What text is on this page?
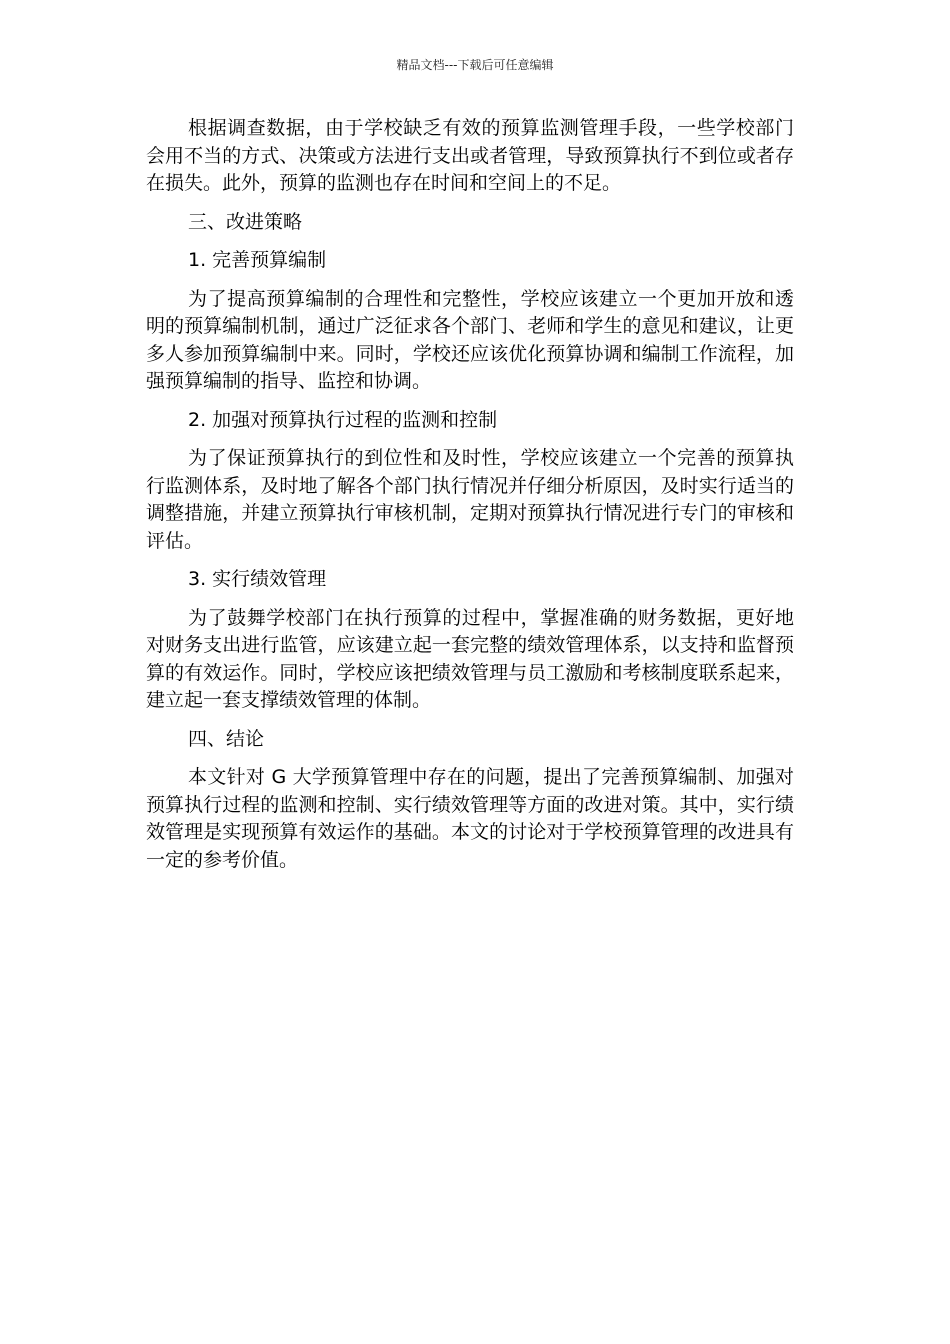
精品文档---下载后可任意编辑

根据调查数据，由于学校缺乏有效的预算监测管理手段，一些学校部门会用不当的方式、决策或方法进行支出或者管理，导致预算执行不到位或者存在损失。此外，预算的监测也存在时间和空间上的不足。

三、改进策略

1. 完善预算编制

为了提高预算编制的合理性和完整性，学校应该建立一个更加开放和透明的预算编制机制，通过广泛征求各个部门、老师和学生的意见和建议，让更多人参加预算编制中来。同时，学校还应该优化预算协调和编制工作流程，加强预算编制的指导、监控和协调。

2. 加强对预算执行过程的监测和控制

为了保证预算执行的到位性和及时性，学校应该建立一个完善的预算执行监测体系，及时地了解各个部门执行情况并仔细分析原因，及时实行适当的调整措施，并建立预算执行审核机制，定期对预算执行情况进行专门的审核和评估。

3. 实行绩效管理

为了鼓舞学校部门在执行预算的过程中，掌握准确的财务数据，更好地对财务支出进行监管，应该建立起一套完整的绩效管理体系，以支持和监督预算的有效运作。同时，学校应该把绩效管理与员工激励和考核制度联系起来，建立起一套支撑绩效管理的体制。

四、结论

本文针对 G 大学预算管理中存在的问题，提出了完善预算编制、加强对预算执行过程的监测和控制、实行绩效管理等方面的改进对策。其中，实行绩效管理是实现预算有效运作的基础。本文的讨论对于学校预算管理的改进具有一定的参考价值。
